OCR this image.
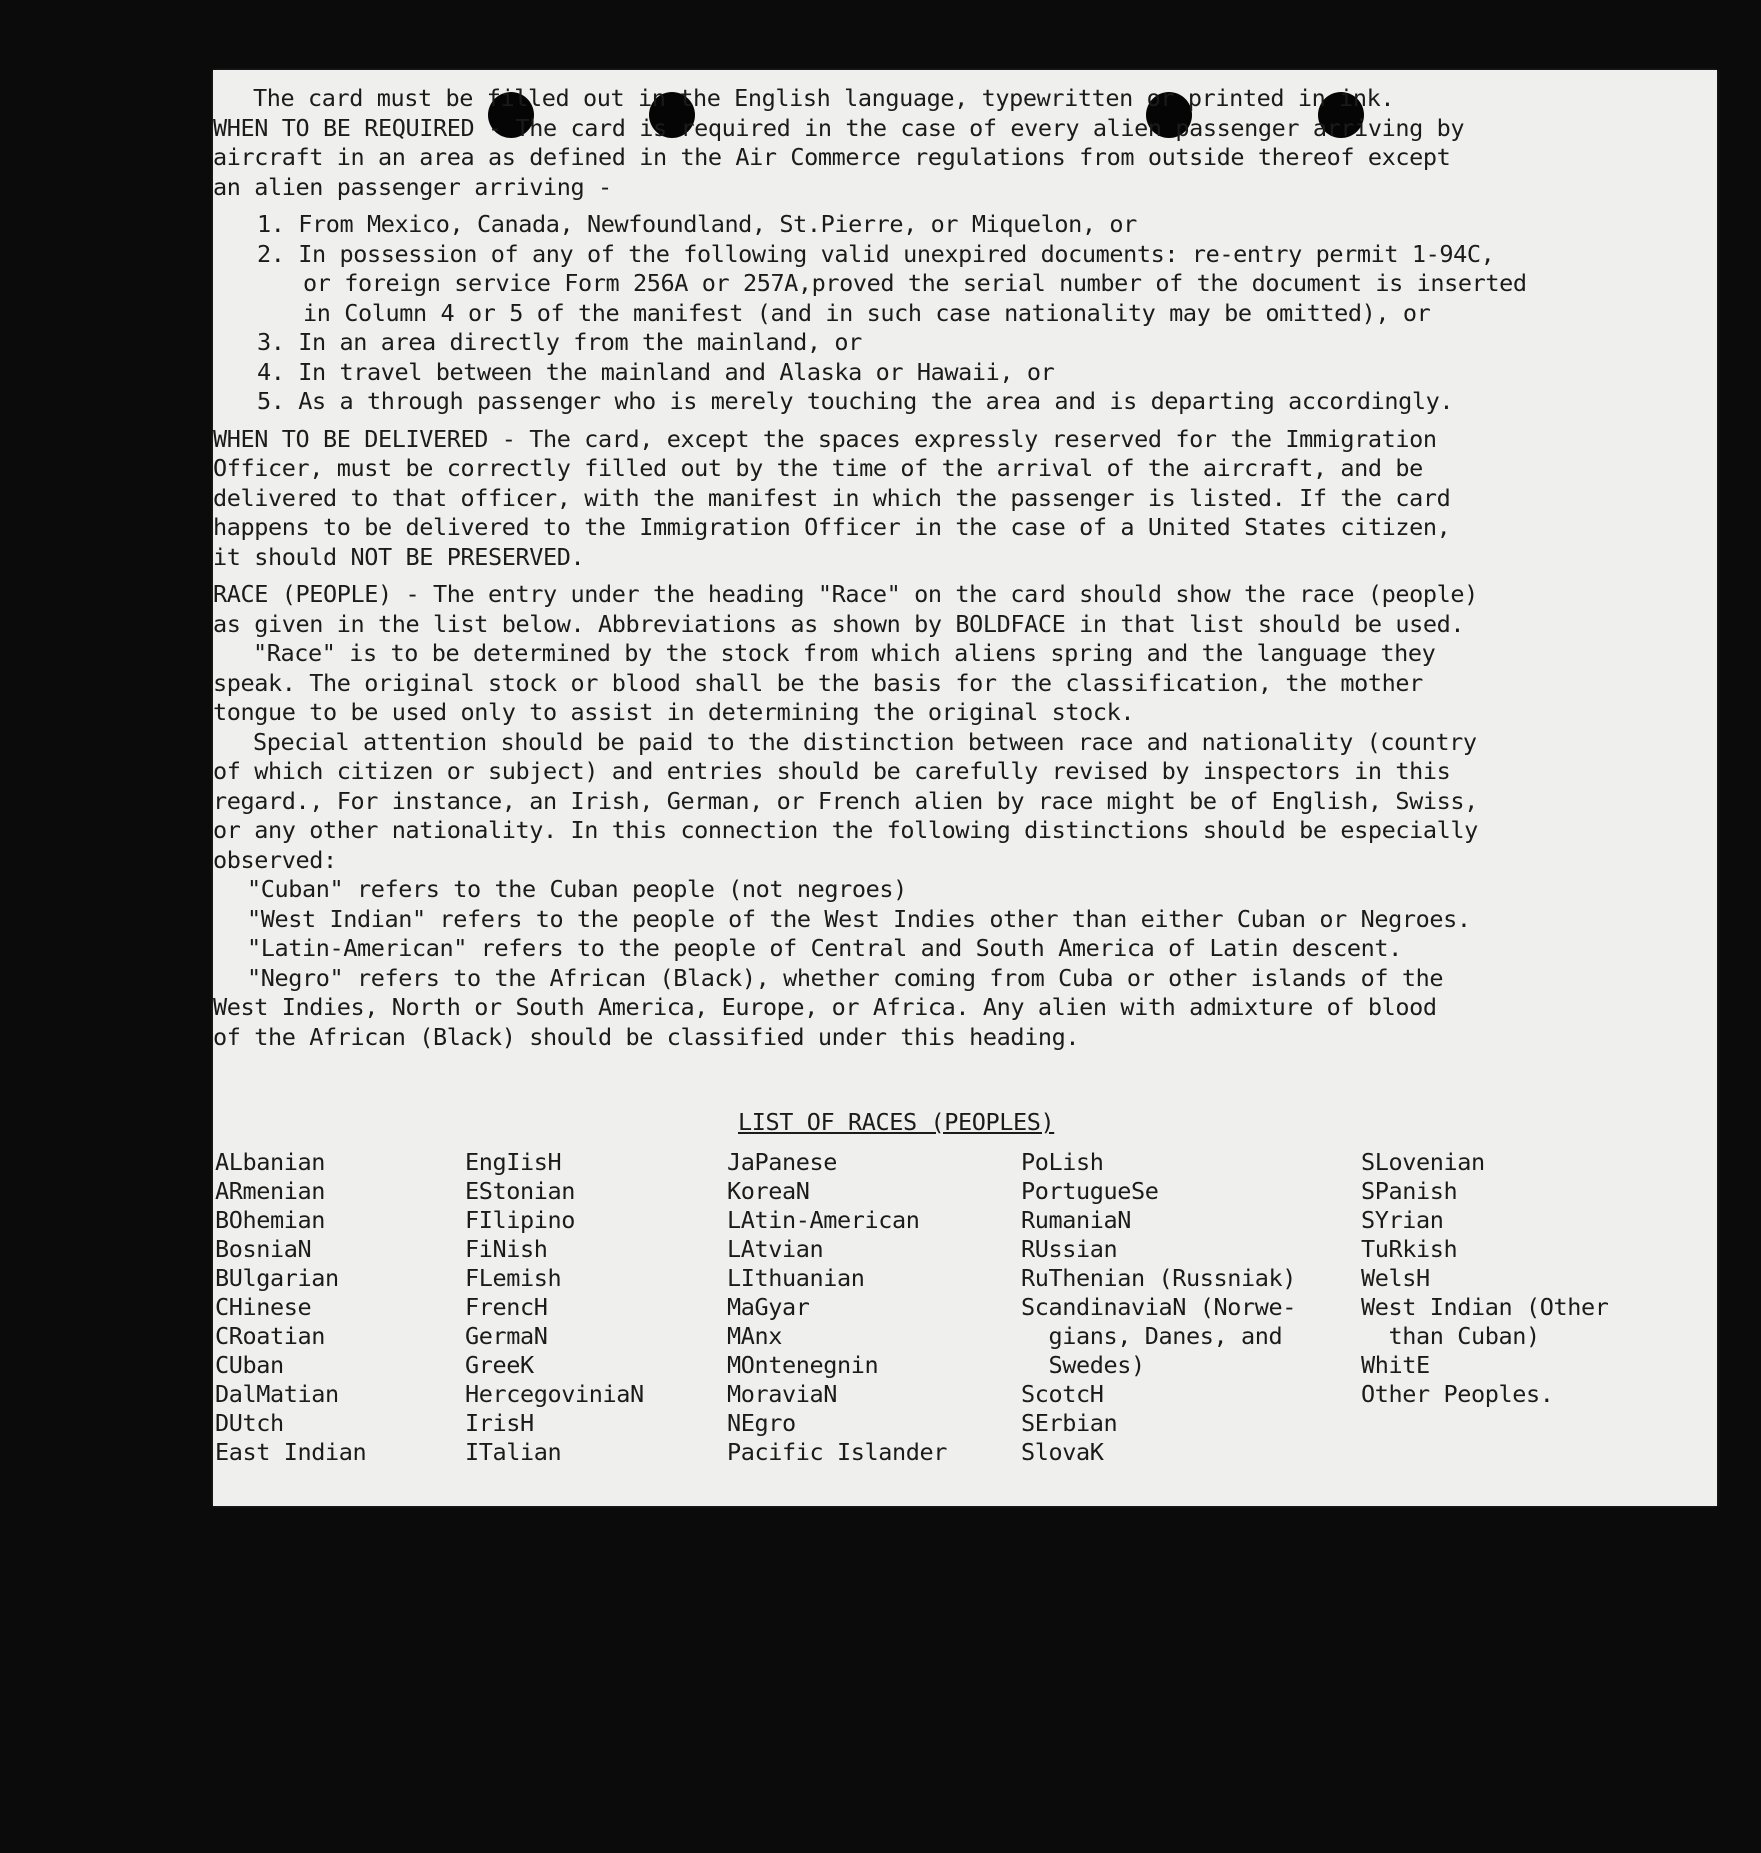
The card must be filled out in the English language, typewritten or printed in ink.
WHEN TO BE REQUIRED - The card is required in the case of every alien passenger arriving by
aircraft in an area as defined in the Air Commerce regulations from outside thereof except
an alien passenger arriving -
1. From Mexico, Canada, Newfoundland, St.Pierre, or Miquelon, or
2. In possession of any of the following valid unexpired documents: re-entry permit 1-94C,
or foreign service Form 256A or 257A,proved the serial number of the document is inserted
in Column 4 or 5 of the manifest (and in such case nationality may be omitted), or
3. In an area directly from the mainland, or
4. In travel between the mainland and Alaska or Hawaii, or
5. As a through passenger who is merely touching the area and is departing accordingly.
WHEN TO BE DELIVERED - The card, except the spaces expressly reserved for the Immigration
Officer, must be correctly filled out by the time of the arrival of the aircraft, and be
delivered to that officer, with the manifest in which the passenger is listed. If the card
happens to be delivered to the Immigration Officer in the case of a United States citizen,
it should NOT BE PRESERVED.
RACE (PEOPLE) - The entry under the heading "Race" on the card should show the race (people)
as given in the list below. Abbreviations as shown by BOLDFACE in that list should be used.
"Race" is to be determined by the stock from which aliens spring and the language they
speak. The original stock or blood shall be the basis for the classification, the mother
tongue to be used only to assist in determining the original stock.
Special attention should be paid to the distinction between race and nationality (country
of which citizen or subject) and entries should be carefully revised by inspectors in this
regard., For instance, an Irish, German, or French alien by race might be of English, Swiss,
or any other nationality. In this connection the following distinctions should be especially
observed:
"Cuban" refers to the Cuban people (not negroes)
"West Indian" refers to the people of the West Indies other than either Cuban or Negroes.
"Latin-American" refers to the people of Central and South America of Latin descent.
"Negro" refers to the African (Black), whether coming from Cuba or other islands of the
West Indies, North or South America, Europe, or Africa. Any alien with admixture of blood
of the African (Black) should be classified under this heading.
LIST OF RACES (PEOPLES)
ALbanian
ARmenian
BOhemian
BosniaN
BUlgarian
CHinese
CRoatian
CUban
DalMatian
DUtch
East Indian
EngIisH
EStonian
FIlipino
FiNish
FLemish
FrencH
GermaN
GreeK
HercegoviniaN
IrisH
ITalian
JaPanese
KoreaN
LAtin-American
LAtvian
LIthuanian
MaGyar
MAnx
MOntenegnin
MoraviaN
NEgro
Pacific Islander
PoLish
PortugueSe
RumaniaN
RUssian
RuThenian (Russniak)
ScandinaviaN (Norwe-
gians, Danes, and
Swedes)
ScotcH
SErbian
SlovaK
SLovenian
SPanish
SYrian
TuRkish
WelsH
West Indian (Other
than Cuban)
WhitE
Other Peoples.
